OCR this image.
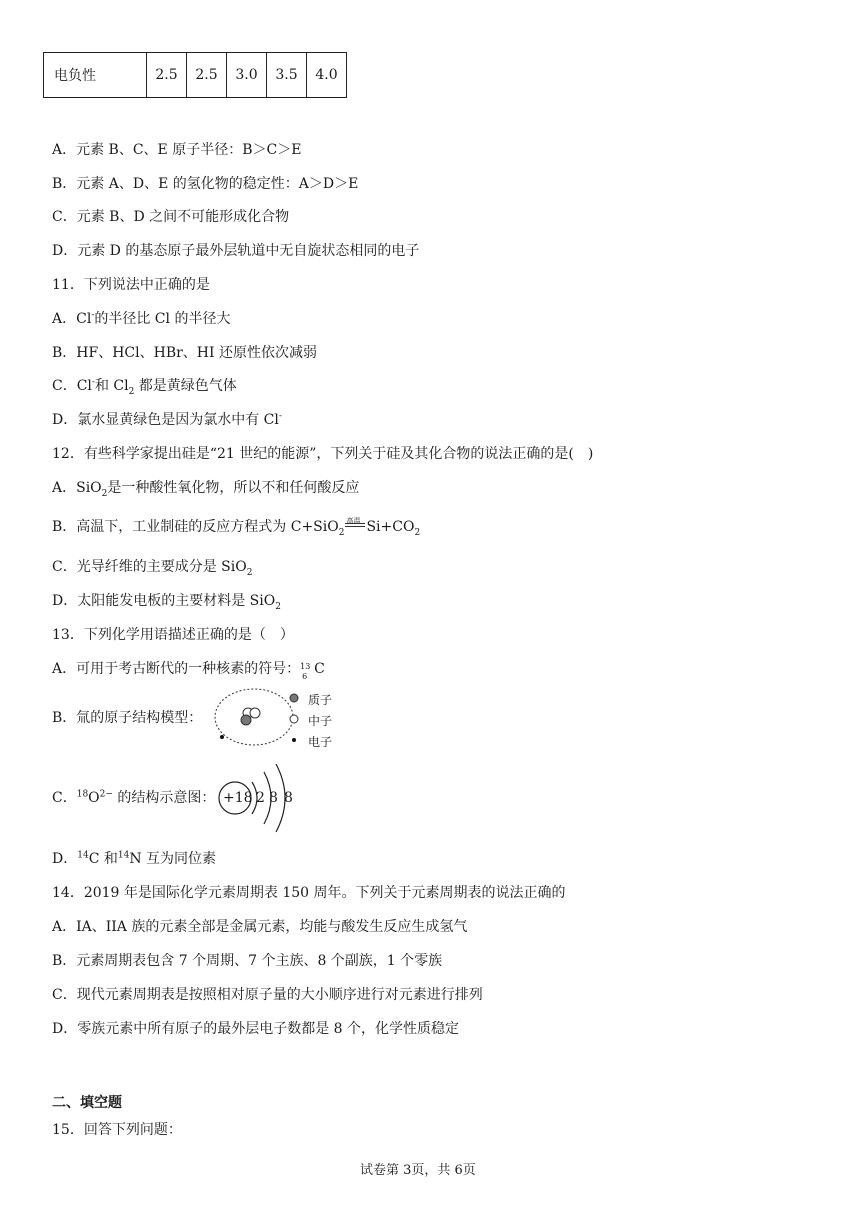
电负性	2.5	2.5	3.0	3.5	4.0
A．元素 B、C、E 原子半径：B＞C＞E
B．元素 A、D、E 的氢化物的稳定性：A＞D＞E
C．元素 B、D 之间不可能形成化合物
D．元素 D 的基态原子最外层轨道中无自旋状态相同的电子
11．下列说法中正确的是
A．Cl-的半径比 Cl 的半径大
B．HF、HCl、HBr、HI 还原性依次减弱
C．Cl-和 $Cl_2$ 都是黄绿色气体
D．氯水显黄绿色是因为氯水中有 Cl-
12．有些科学家提出硅是“21 世纪的能源”，下列关于硅及其化合物的说法正确的是(　)
A．SiO$_2$是一种酸性氧化物，所以不和任何酸反应
B．高温下，工业制硅的反应方程式为 C+SiO$_2$
高温 $Si+CO_2$
C．光导纤维的主要成分是 SiO$_2$
D．太阳能发电板的主要材料是 SiO$_2$
13．下列化学用语描述正确的是（　）
A．可用于考古断代的一种核素的符号： 13
6 C
B．氚的原子结构模型：
质子
中子
电子
C．$^{18}O^{2-}$ 的结构示意图： +18 2 8 8
D．$^{14}$C 和$^{14}$N 互为同位素
14．2019 年是国际化学元素周期表 150 周年。下列关于元素周期表的说法正确的
A．IA、IIA 族的元素全部是金属元素，均能与酸发生反应生成氢气
B．元素周期表包含 7 个周期、7 个主族、8 个副族，1 个零族
C．现代元素周期表是按照相对原子量的大小顺序进行对元素进行排列
D．零族元素中所有原子的最外层电子数都是 8 个，化学性质稳定
二、填空题
15．回答下列问题：
试卷第 3页，共 6页
